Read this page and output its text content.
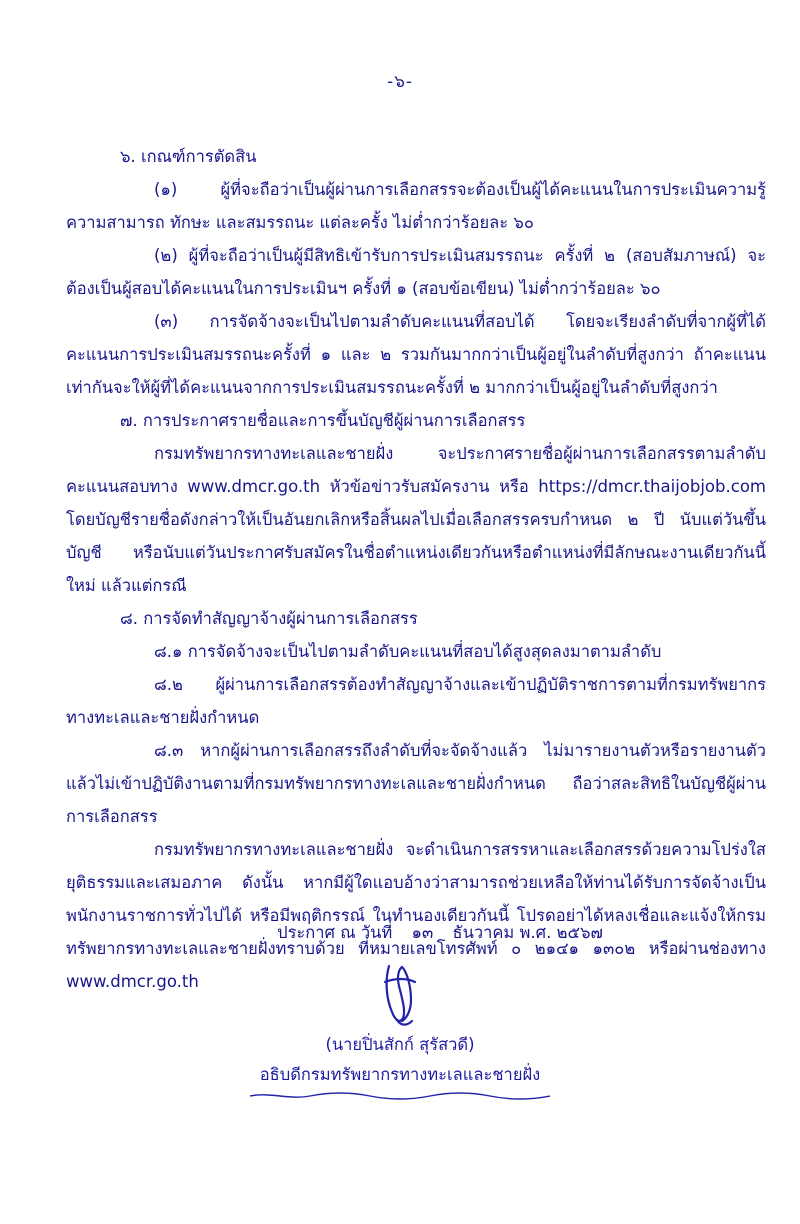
-๖-

๖. เกณฑ์การตัดสิน

(๑) ผู้ที่จะถือว่าเป็นผู้ผ่านการเลือกสรรจะต้องเป็นผู้ได้คะแนนในการประเมินความรู้ความสามารถ ทักษะ และสมรรถนะ แต่ละครั้ง ไม่ต่ำกว่าร้อยละ ๖๐

(๒) ผู้ที่จะถือว่าเป็นผู้มีสิทธิเข้ารับการประเมินสมรรถนะ ครั้งที่ ๒ (สอบสัมภาษณ์) จะต้องเป็นผู้สอบได้คะแนนในการประเมินฯ ครั้งที่ ๑ (สอบข้อเขียน) ไม่ต่ำกว่าร้อยละ ๖๐

(๓) การจัดจ้างจะเป็นไปตามลำดับคะแนนที่สอบได้ โดยจะเรียงลำดับที่จากผู้ที่ได้คะแนนการประเมินสมรรถนะครั้งที่ ๑ และ ๒ รวมกันมากกว่าเป็นผู้อยู่ในลำดับที่สูงกว่า ถ้าคะแนนเท่ากันจะให้ผู้ที่ได้คะแนนจากการประเมินสมรรถนะครั้งที่ ๒ มากกว่าเป็นผู้อยู่ในลำดับที่สูงกว่า

๗. การประกาศรายชื่อและการขึ้นบัญชีผู้ผ่านการเลือกสรร

กรมทรัพยากรทางทะเลและชายฝั่ง จะประกาศรายชื่อผู้ผ่านการเลือกสรรตามลำดับคะแนนสอบทาง www.dmcr.go.th หัวข้อข่าวรับสมัครงาน หรือ https://dmcr.thaijobjob.com โดยบัญชีรายชื่อดังกล่าวให้เป็นอันยกเลิกหรือสิ้นผลไปเมื่อเลือกสรรครบกำหนด ๒ ปี นับแต่วันขึ้นบัญชี หรือนับแต่วันประกาศรับสมัครในชื่อตำแหน่งเดียวกันหรือตำแหน่งที่มีลักษณะงานเดียวกันนี้ใหม่ แล้วแต่กรณี

๘. การจัดทำสัญญาจ้างผู้ผ่านการเลือกสรร

๘.๑ การจัดจ้างจะเป็นไปตามลำดับคะแนนที่สอบได้สูงสุดลงมาตามลำดับ

๘.๒ ผู้ผ่านการเลือกสรรต้องทำสัญญาจ้างและเข้าปฏิบัติราชการตามที่กรมทรัพยากรทางทะเลและชายฝั่งกำหนด

๘.๓ หากผู้ผ่านการเลือกสรรถึงลำดับที่จะจัดจ้างแล้ว ไม่มารายงานตัวหรือรายงานตัวแล้วไม่เข้าปฏิบัติงานตามที่กรมทรัพยากรทางทะเลและชายฝั่งกำหนด ถือว่าสละสิทธิในบัญชีผู้ผ่านการเลือกสรร

กรมทรัพยากรทางทะเลและชายฝั่ง จะดำเนินการสรรหาและเลือกสรรด้วยความโปร่งใส ยุติธรรมและเสมอภาค ดังนั้น หากมีผู้ใดแอบอ้างว่าสามารถช่วยเหลือให้ท่านได้รับการจัดจ้างเป็นพนักงานราชการทั่วไปได้ หรือมีพฤติกรรณ์ ในทำนองเดียวกันนี้ โปรดอย่าได้หลงเชื่อและแจ้งให้กรมทรัพยากรทางทะเลและชายฝั่งทราบด้วย ที่หมายเลขโทรศัพท์ ๐ ๒๑๔๑ ๑๓๐๒ หรือผ่านช่องทาง www.dmcr.go.th

ประกาศ ณ วันที่ ๑๓ ธันวาคม พ.ศ. ๒๕๖๗
(นายปิ่นสักก์ สุรัสวดี)
อธิบดีกรมทรัพยากรทางทะเลและชายฝั่ง
